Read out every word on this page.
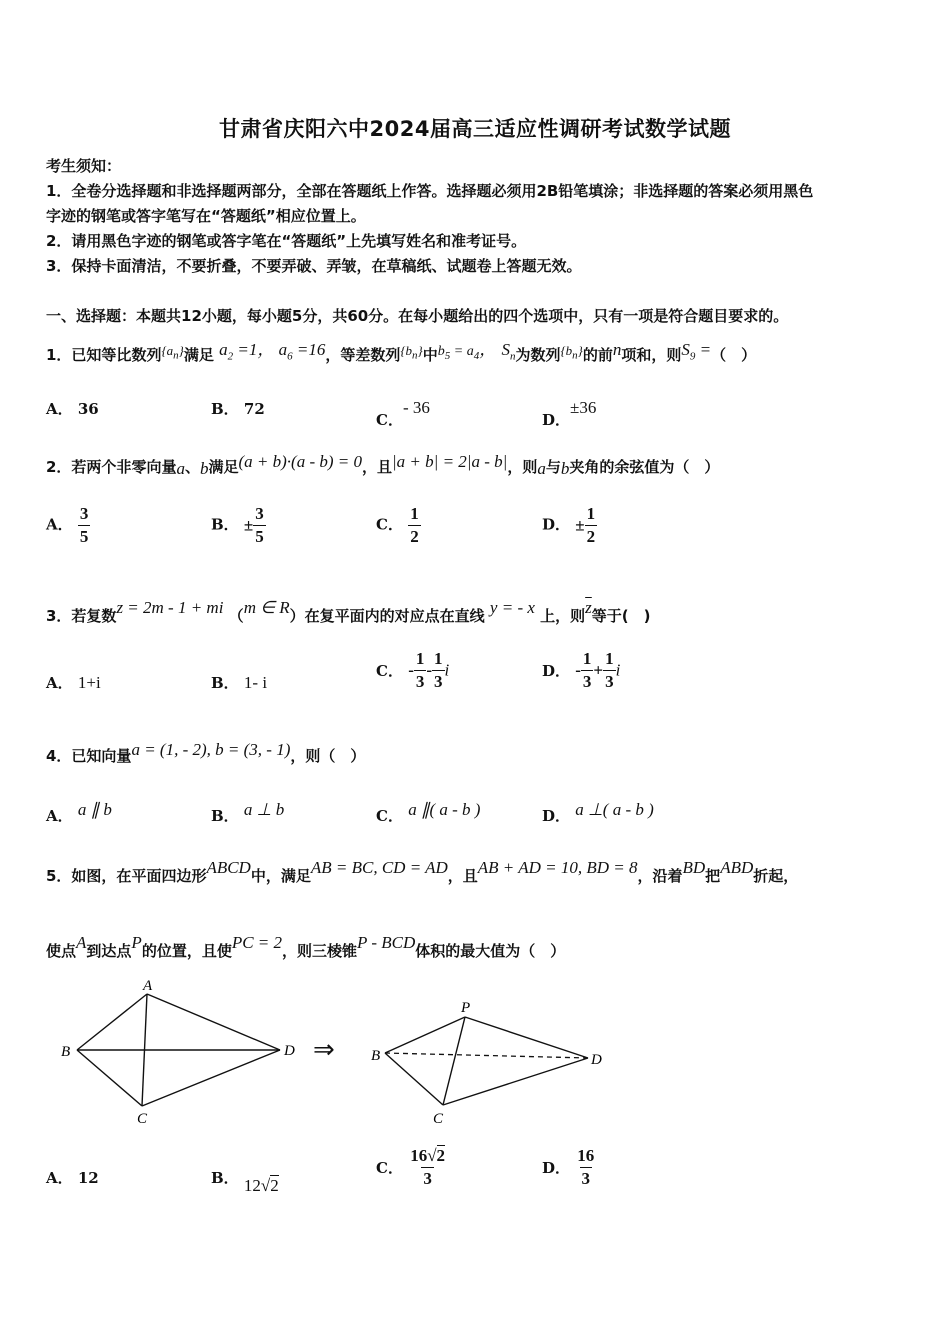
甘肃省庆阳六中2024届高三适应性调研考试数学试题
考生须知：
1．全卷分选择题和非选择题两部分，全部在答题纸上作答。选择题必须用2B铅笔填涂；非选择题的答案必须用黑色
字迹的钢笔或答字笔写在“答题纸”相应位置上。
2．请用黑色字迹的钢笔或答字笔在“答题纸”上先填写姓名和准考证号。
3．保持卡面清洁，不要折叠，不要弄破、弄皱，在草稿纸、试题卷上答题无效。
一、选择题：本题共12小题，每小题5分，共60分。在每小题给出的四个选项中，只有一项是符合题目要求的。
1．已知等比数列$\{a_n\}$满足 $a_2 =1$， $a_6 =16$，等差数列$\{b_n\}$中$b_5 = a_4$， $S_n$为数列$\{b_n\}$的前n项和，则$S_9$ =（　）
A． 36	B． 72
C．- 36
D．±36
2．若两个非零向量a、b满足(a + b)·(a - b) = 0，且|a + b| = 2|a - b|，则a与b夹角的余弦值为（　）
A． $\frac{3}{5}$	B． ± $\frac{3}{5}$	C． $\frac{1}{2}$	D． ± $\frac{1}{2}$
3．若复数z = 2m - 1 + mi （m ∈ R）在复平面内的对应点在直线 y = - x 上，则$\overline{z}$等于(　)
A． 1+i	B． 1- i
C． - $\frac{1}{3} - \frac{1}{3}$ i	D． - $\frac{1}{3} + \frac{1}{3}$ i
4．已知向量a = (1, - 2), b = (3, - 1)，则（　）
A． a ∥ b	B． a ⊥ b	C． a ∥( a - b )	D． a ⊥( a - b )
5．如图，在平面四边形ABCD中，满足AB = BC, CD = AD，且AB + AD = 10, BD = 8，沿着BD把ABD折起，
使点A到达点P的位置，且使PC = 2，则三棱锥P - BCD体积的最大值为（　）
A
B
C
D ⇒
P
B
C
D
A． 12	B． 12√2
C． $\frac{16√2}{3}$	D． $\frac{16}{3}$
